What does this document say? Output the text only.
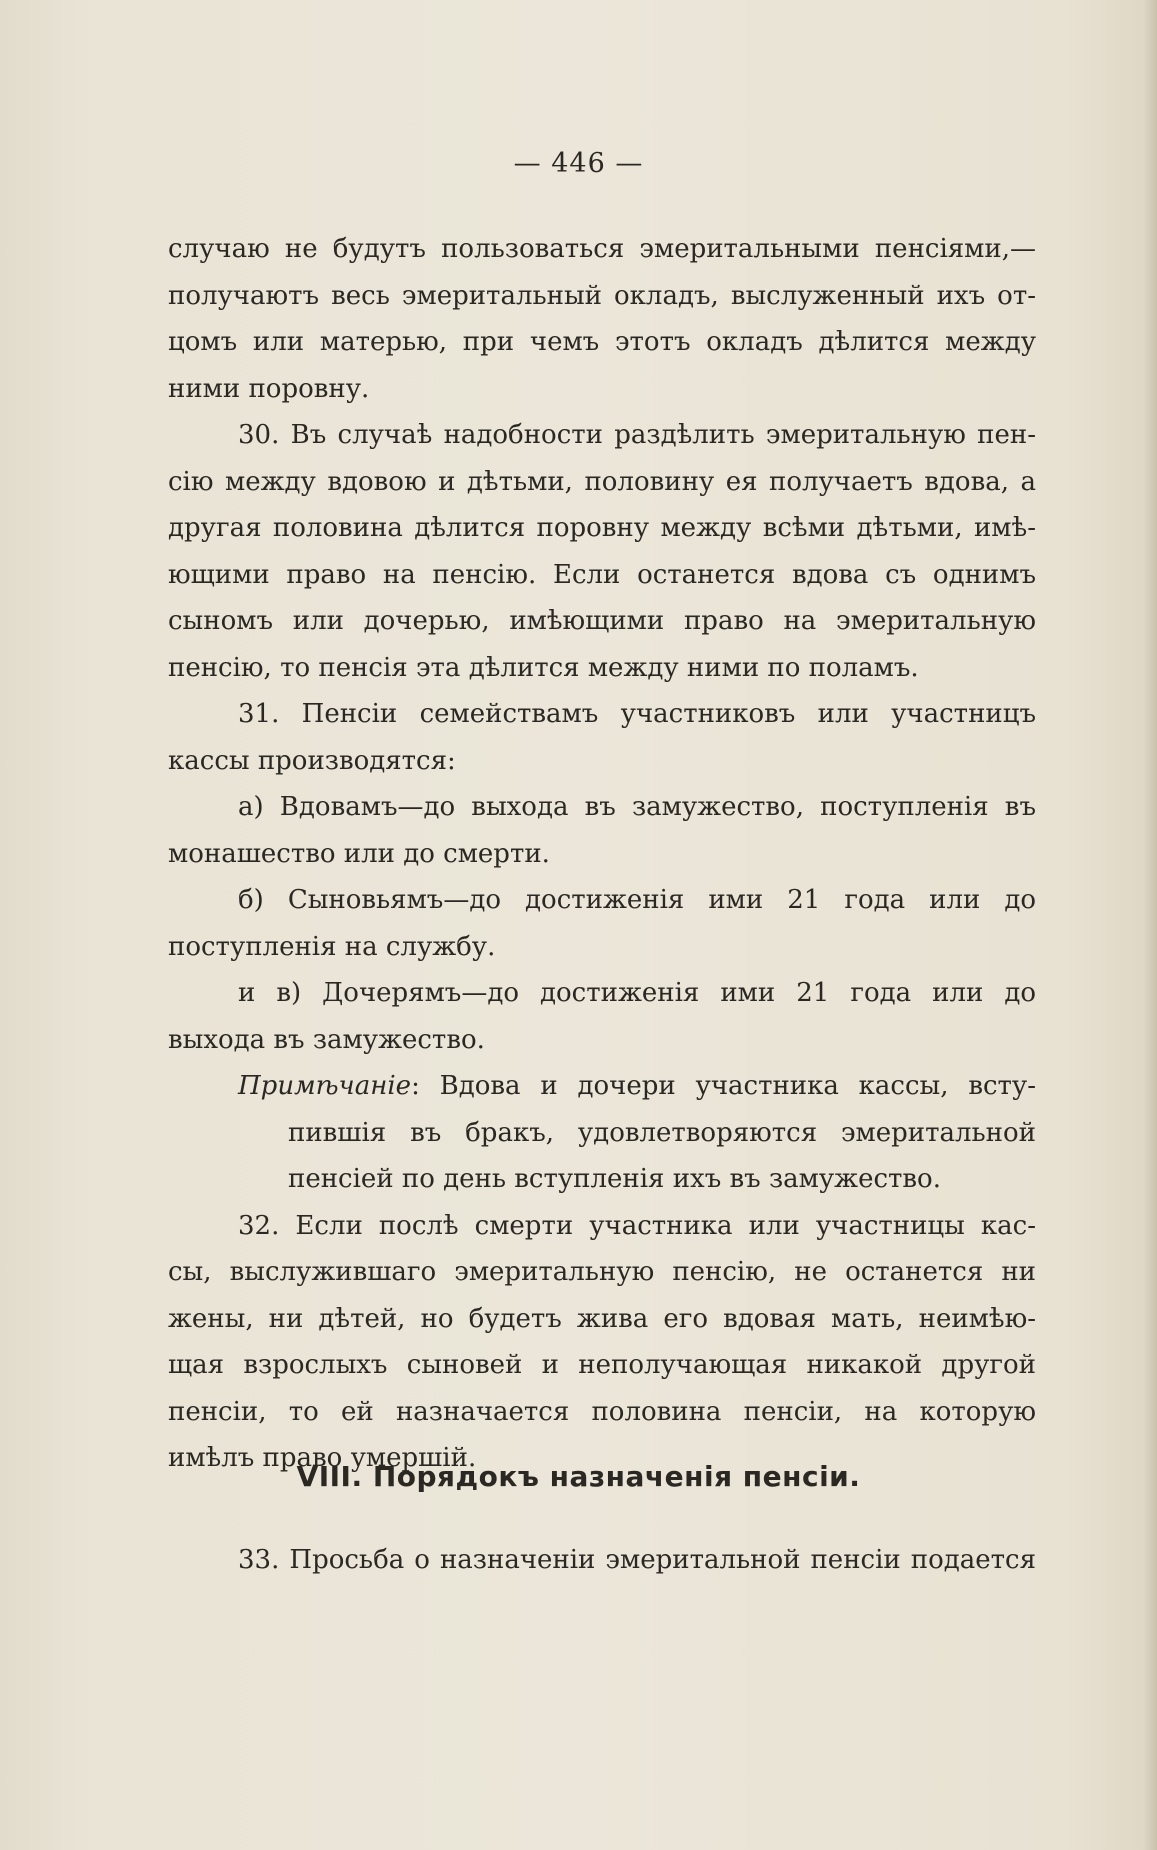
— 446 —
случаю не будутъ пользоваться эмеритальными пенсіями,—
получаютъ весь эмеритальный окладъ, выслуженный ихъ от-
цомъ или матерью, при чемъ этотъ окладъ дѣлится между
ними поровну.
30. Въ случаѣ надобности раздѣлить эмеритальную пен-
сію между вдовою и дѣтьми, половину ея получаетъ вдова, а
другая половина дѣлится поровну между всѣми дѣтьми, имѣ-
ющими право на пенсію. Если останется вдова съ однимъ
сыномъ или дочерью, имѣющими право на эмеритальную
пенсію, то пенсія эта дѣлится между ними по поламъ.
31. Пенсіи семействамъ участниковъ или участницъ
кассы производятся:
а) Вдовамъ—до выхода въ замужество, поступленія въ
монашество или до смерти.
б) Сыновьямъ—до достиженія ими 21 года или до
поступленія на службу.
и в) Дочерямъ—до достиженія ими 21 года или до
выхода въ замужество.
Примѣчаніе: Вдова и дочери участника кассы, всту-
пившія въ бракъ, удовлетворяются эмеритальной
пенсіей по день вступленія ихъ въ замужество.
32. Если послѣ смерти участника или участницы кас-
сы, выслужившаго эмеритальную пенсію, не останется ни
жены, ни дѣтей, но будетъ жива его вдовая мать, неимѣю-
щая взрослыхъ сыновей и неполучающая никакой другой
пенсіи, то ей назначается половина пенсіи, на которую
имѣлъ право умершій.
VIII. Порядокъ назначенія пенсіи.
33. Просьба о назначеніи эмеритальной пенсіи подается
